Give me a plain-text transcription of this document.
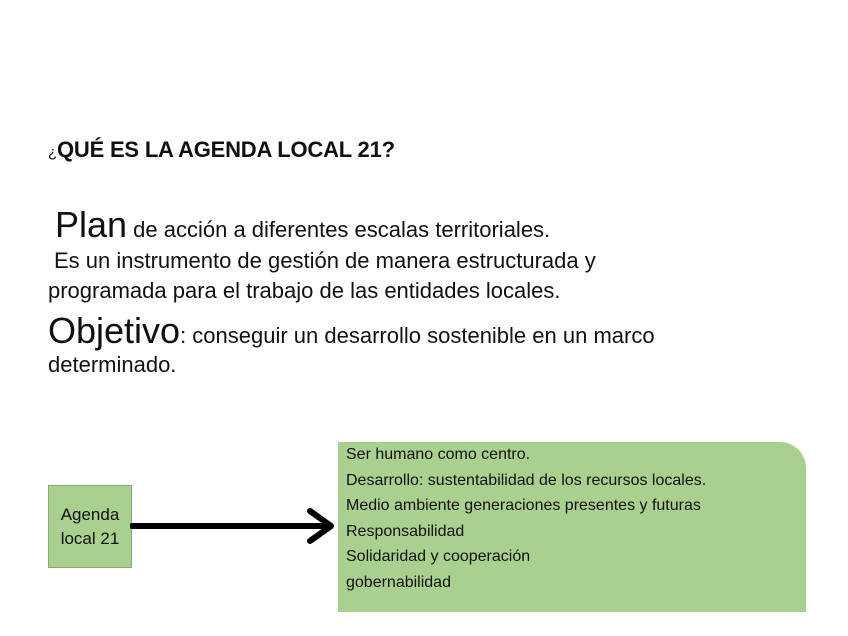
¿QUÉ ES LA AGENDA LOCAL 21?
Plan de acción a diferentes escalas territoriales.
Es un instrumento de gestión de manera estructurada y
programada para el trabajo de las entidades locales.
Objetivo: conseguir un desarrollo sostenible en un marco
determinado.
Agenda
local 21
Ser humano como centro.
Desarrollo: sustentabilidad de los recursos locales.
Medio ambiente generaciones presentes y futuras
Responsabilidad
Solidaridad y cooperación
gobernabilidad
